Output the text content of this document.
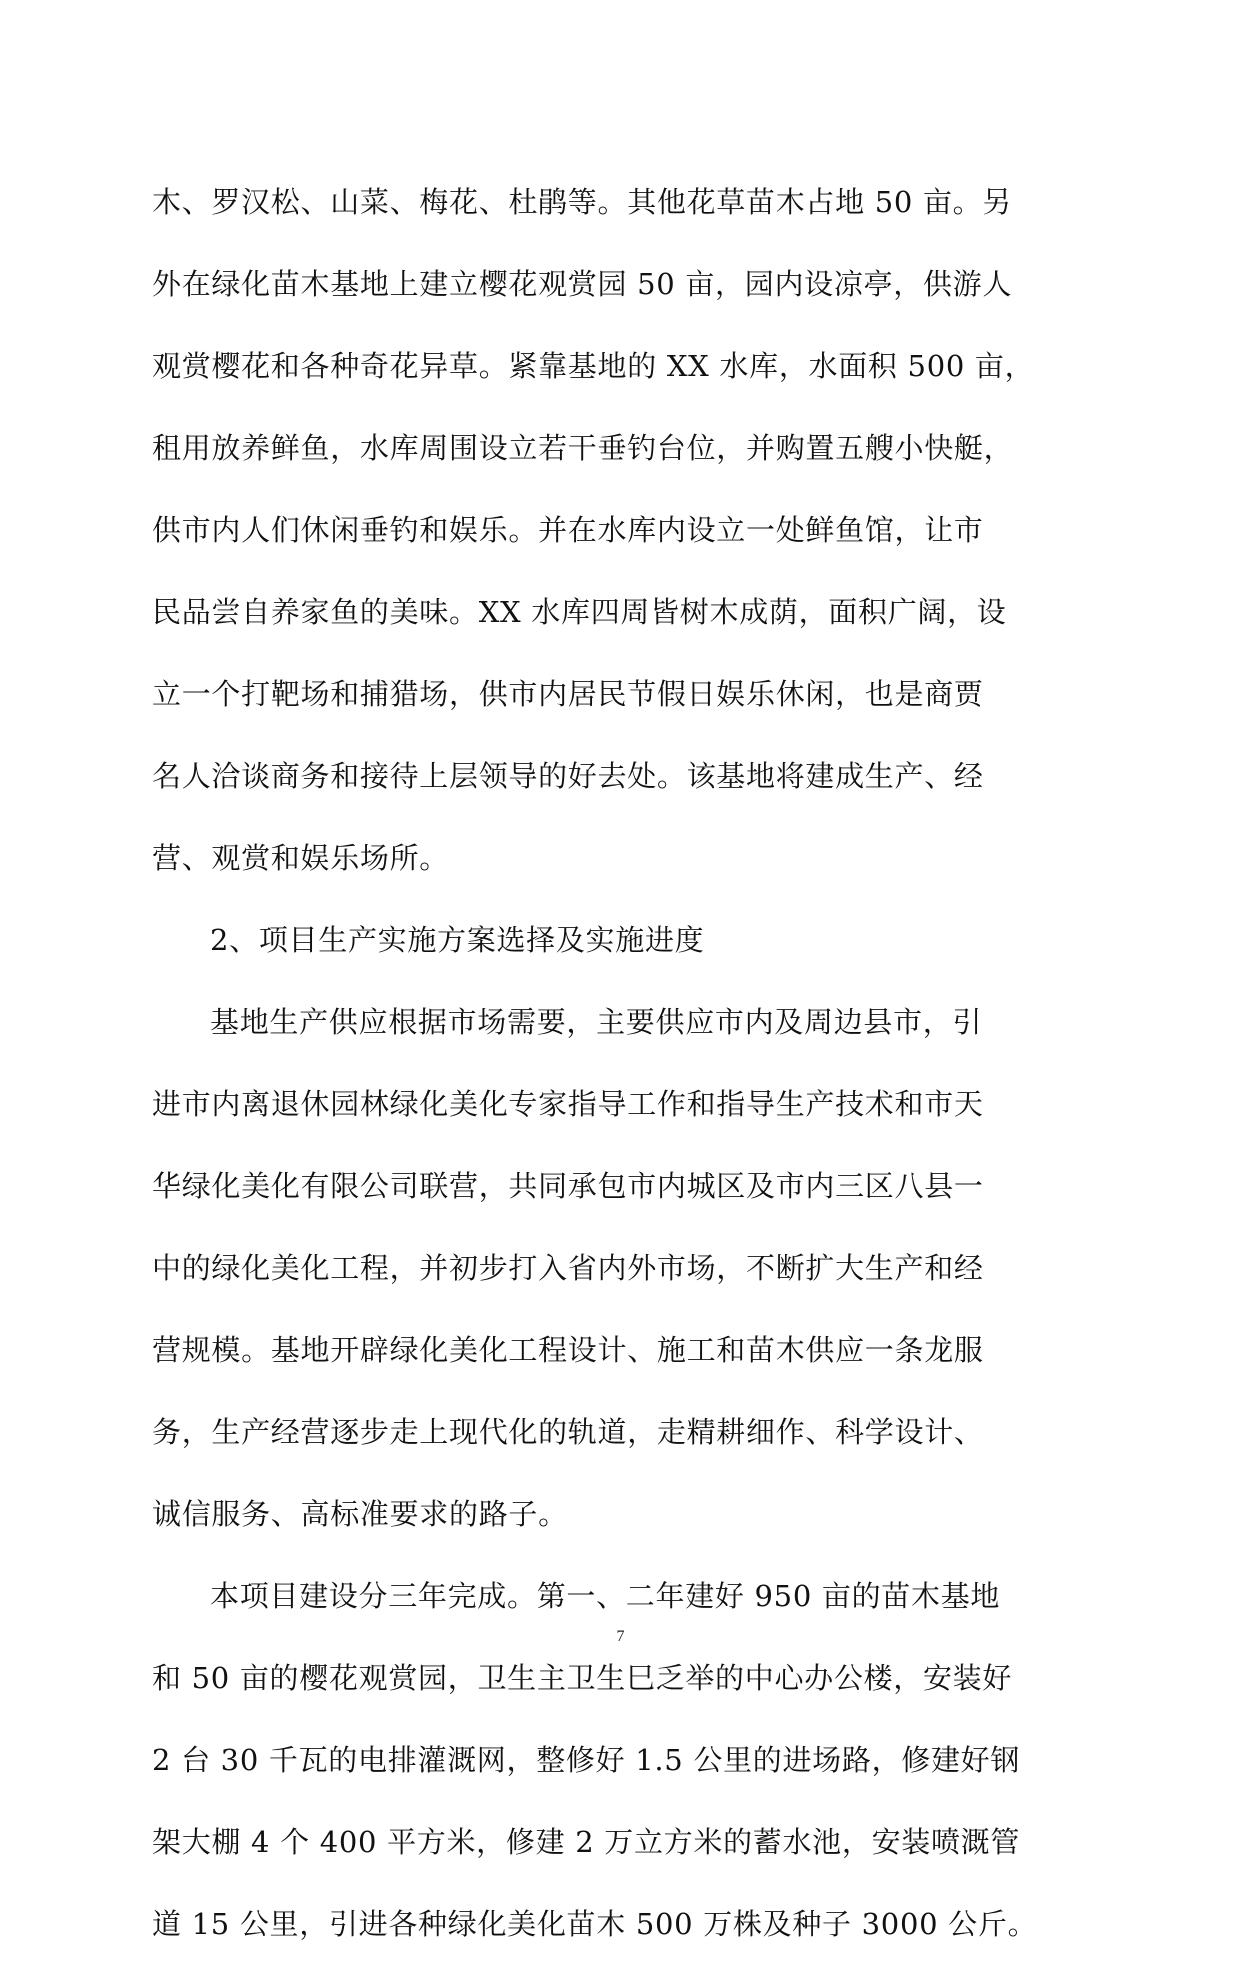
木、罗汉松、山菜、梅花、杜鹃等。其他花草苗木占地 50 亩。另
外在绿化苗木基地上建立樱花观赏园 50 亩，园内设凉亭，供游人
观赏樱花和各种奇花异草。紧靠基地的 XX 水库，水面积 500 亩，
租用放养鲜鱼，水库周围设立若干垂钓台位，并购置五艘小快艇，
供市内人们休闲垂钓和娱乐。并在水库内设立一处鲜鱼馆，让市
民品尝自养家鱼的美味。XX 水库四周皆树木成荫，面积广阔，设
立一个打靶场和捕猎场，供市内居民节假日娱乐休闲，也是商贾
名人洽谈商务和接待上层领导的好去处。该基地将建成生产、经
营、观赏和娱乐场所。
2、项目生产实施方案选择及实施进度
基地生产供应根据市场需要，主要供应市内及周边县市，引
进市内离退休园林绿化美化专家指导工作和指导生产技术和市天
华绿化美化有限公司联营，共同承包市内城区及市内三区八县一
中的绿化美化工程，并初步打入省内外市场，不断扩大生产和经
营规模。基地开辟绿化美化工程设计、施工和苗木供应一条龙服
务，生产经营逐步走上现代化的轨道，走精耕细作、科学设计、
诚信服务、高标准要求的路子。
本项目建设分三年完成。第一、二年建好 950 亩的苗木基地
和 50 亩的樱花观赏园，卫生主卫生巳乏举的中心办公楼，安装好
2 台 30 千瓦的电排灌溉网，整修好 1.5 公里的进场路，修建好钢
架大棚 4 个 400 平方米，修建 2 万立方米的蓄水池，安装喷溉管
道 15 公里，引进各种绿化美化苗木 500 万株及种子 3000 公斤。
7
